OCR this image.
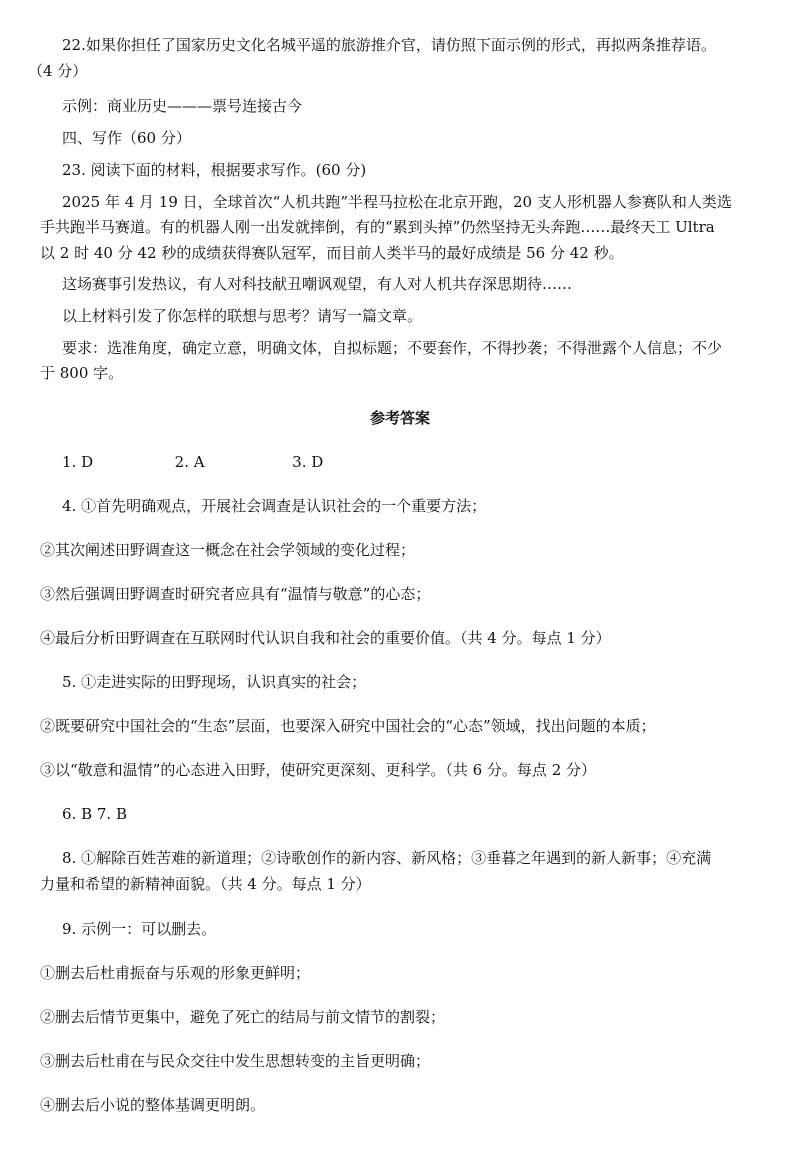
22.如果你担任了国家历史文化名城平遥的旅游推介官，请仿照下面示例的形式，再拟两条推荐语。
（4 分）
示例：商业历史———票号连接古今
四、写作（60 分）
23. 阅读下面的材料，根据要求写作。(60 分)
2025 年 4 月 19 日，全球首次“人机共跑”半程马拉松在北京开跑，20 支人形机器人参赛队和人类选
手共跑半马赛道。有的机器人刚一出发就摔倒，有的“累到头掉”仍然坚持无头奔跑……最终天工 Ultra
以 2 时 40 分 42 秒的成绩获得赛队冠军，而目前人类半马的最好成绩是 56 分 42 秒。
这场赛事引发热议，有人对科技献丑嘲讽观望，有人对人机共存深思期待……
以上材料引发了你怎样的联想与思考？请写一篇文章。
要求：选准角度，确定立意，明确文体，自拟标题；不要套作，不得抄袭；不得泄露个人信息；不少
于 800 字。
参考答案
1. D	2. A	3. D
4. ①首先明确观点，开展社会调查是认识社会的一个重要方法；
②其次阐述田野调查这一概念在社会学领域的变化过程；
③然后强调田野调查时研究者应具有“温情与敬意”的心态；
④最后分析田野调查在互联网时代认识自我和社会的重要价值。（共 4 分。每点 1 分）
5. ①走进实际的田野现场，认识真实的社会；
②既要研究中国社会的“生态”层面，也要深入研究中国社会的“心态”领域，找出问题的本质；
③以“敬意和温情”的心态进入田野，使研究更深刻、更科学。（共 6 分。每点 2 分）
6. B 7. B
8. ①解除百姓苦难的新道理；②诗歌创作的新内容、新风格；③垂暮之年遇到的新人新事；④充满
力量和希望的新精神面貌。（共 4 分。每点 1 分）
9. 示例一：可以删去。
①删去后杜甫振奋与乐观的形象更鲜明；
②删去后情节更集中，避免了死亡的结局与前文情节的割裂；
③删去后杜甫在与民众交往中发生思想转变的主旨更明确；
④删去后小说的整体基调更明朗。
